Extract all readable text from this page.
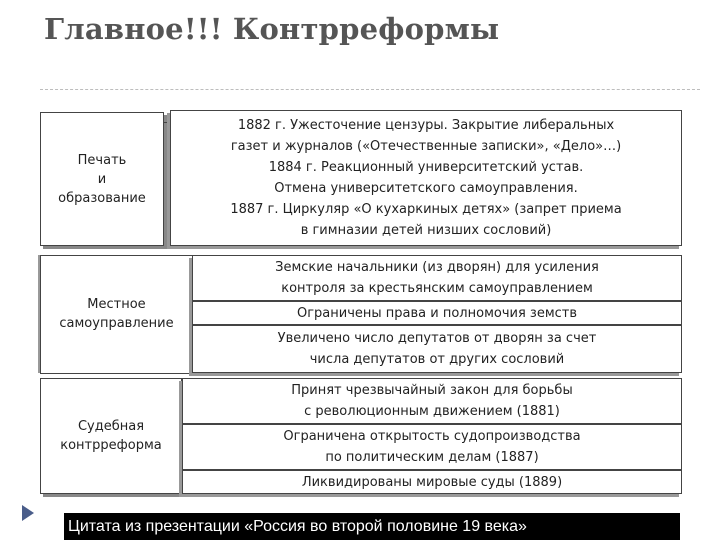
Главное!!! Контрреформы
Печать
и
образование
1882 г. Ужесточение цензуры. Закрытие либеральных
газет и журналов («Отечественные записки», «Дело»…)
1884 г. Реакционный университетский устав.
Отмена университетского самоуправления.
1887 г. Циркуляр «О кухаркиных детях» (запрет приема
в гимназии детей низших сословий)
Местное
самоуправление
Земские начальники (из дворян) для усиления
контроля за крестьянским самоуправлением
Ограничены права и полномочия земств
Увеличено число депутатов от дворян за счет
числа депутатов от других сословий
Судебная
контрреформа
Принят чрезвычайный закон для борьбы
с революционным движением (1881)
Ограничена открытость судопроизводства
по политическим делам (1887)
Ликвидированы мировые суды (1889)
Цитата из презентации «Россия во второй половине 19 века»
